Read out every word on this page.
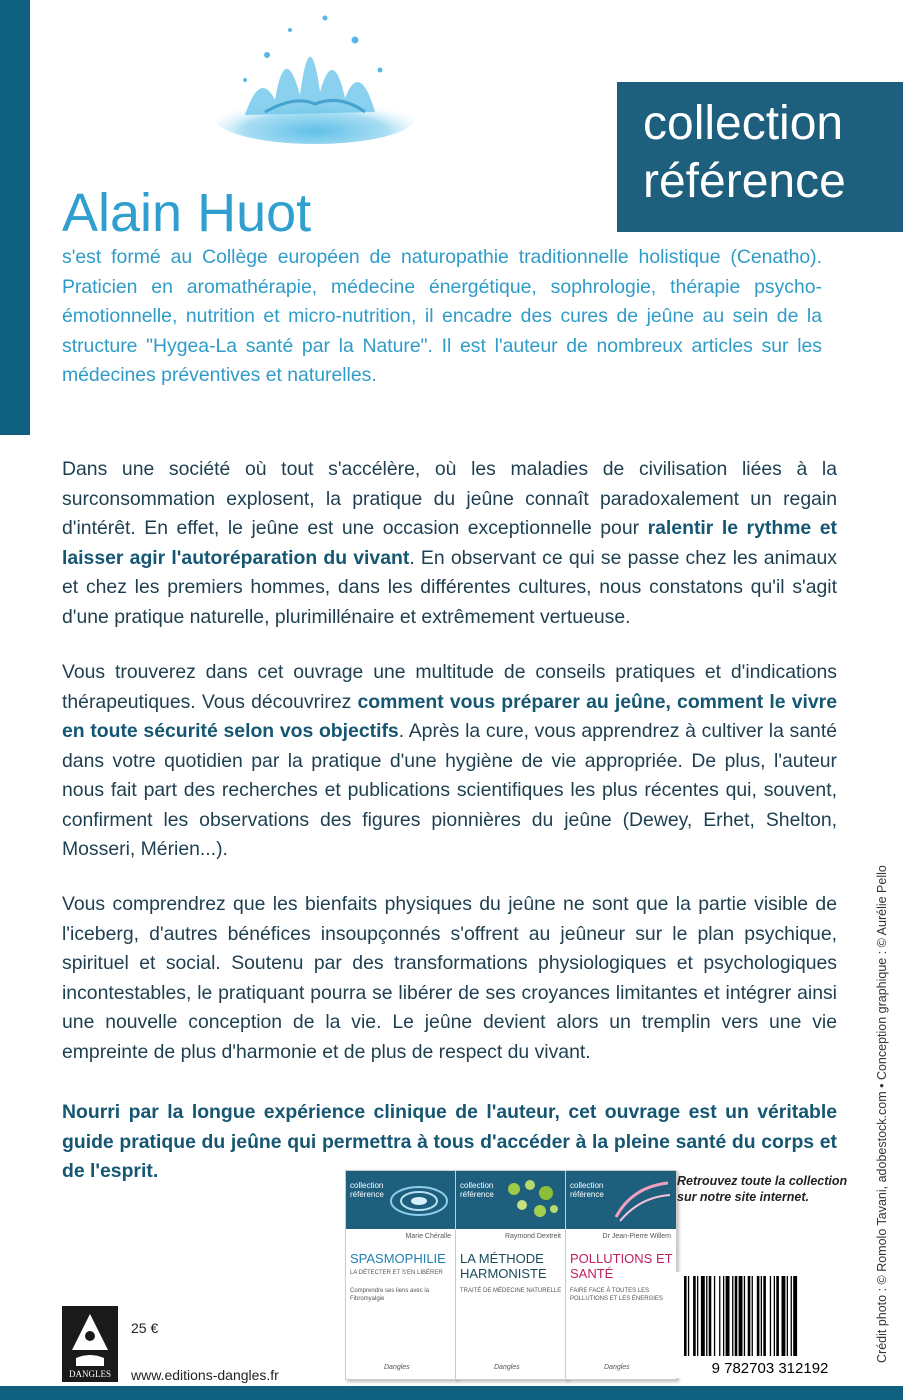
collection
référence
Alain Huot
s'est formé au Collège européen de naturopathie traditionnelle holistique (Cenatho). Praticien en aromathérapie, médecine énergétique, sophrologie, thérapie psycho-émotionnelle, nutrition et micro-nutrition, il encadre des cures de jeûne au sein de la structure "Hygea-La santé par la Nature". Il est l'auteur de nombreux articles sur les médecines préventives et naturelles.
Dans une société où tout s'accélère, où les maladies de civilisation liées à la surconsommation explosent, la pratique du jeûne connaît paradoxalement un regain d'intérêt. En effet, le jeûne est une occasion exceptionnelle pour ralentir le rythme et laisser agir l'autoréparation du vivant. En observant ce qui se passe chez les animaux et chez les premiers hommes, dans les différentes cultures, nous constatons qu'il s'agit d'une pratique naturelle, plurimillénaire et extrêmement vertueuse.
Vous trouverez dans cet ouvrage une multitude de conseils pratiques et d'indications thérapeutiques. Vous découvrirez comment vous préparer au jeûne, comment le vivre en toute sécurité selon vos objectifs. Après la cure, vous apprendrez à cultiver la santé dans votre quotidien par la pratique d'une hygiène de vie appropriée. De plus, l'auteur nous fait part des recherches et publications scientifiques les plus récentes qui, souvent, confirment les observations des figures pionnières du jeûne (Dewey, Erhet, Shelton, Mosseri, Mérien...).
Vous comprendrez que les bienfaits physiques du jeûne ne sont que la partie visible de l'iceberg, d'autres bénéfices insoupçonnés s'offrent au jeûneur sur le plan psychique, spirituel et social. Soutenu par des transformations physiologiques et psychologiques incontestables, le pratiquant pourra se libérer de ses croyances limitantes et intégrer ainsi une nouvelle conception de la vie. Le jeûne devient alors un tremplin vers une vie empreinte de plus d'harmonie et de plus de respect du vivant.
Nourri par la longue expérience clinique de l'auteur, cet ouvrage est un véritable guide pratique du jeûne qui permettra à tous d'accéder à la pleine santé du corps et de l'esprit.	Crédit photo : © Romolo Tavani, adobestock.com • Conception graphique : © Aurélie Pello
collection
référence
Marie Chéralle
SPASMOPHILIE
LA DÉTECTER ET S'EN LIBÉRER
Comprendre ses liens avec la Fibromyalgie
Dangles
collection
référence
Raymond Dextreit
LA MÉTHODE HARMONISTE
TRAITÉ DE MÉDECINE NATURELLE
Dangles
collection
référence
Dr Jean-Pierre Willem
POLLUTIONS ET SANTÉ
FAIRE FACE À TOUTES LES POLLUTIONS ET LES ÉNERGIES
Dangles
Retrouvez toute la collection sur notre site internet.
9 782703 312192
DANGLES
25 €
www.editions-dangles.fr
